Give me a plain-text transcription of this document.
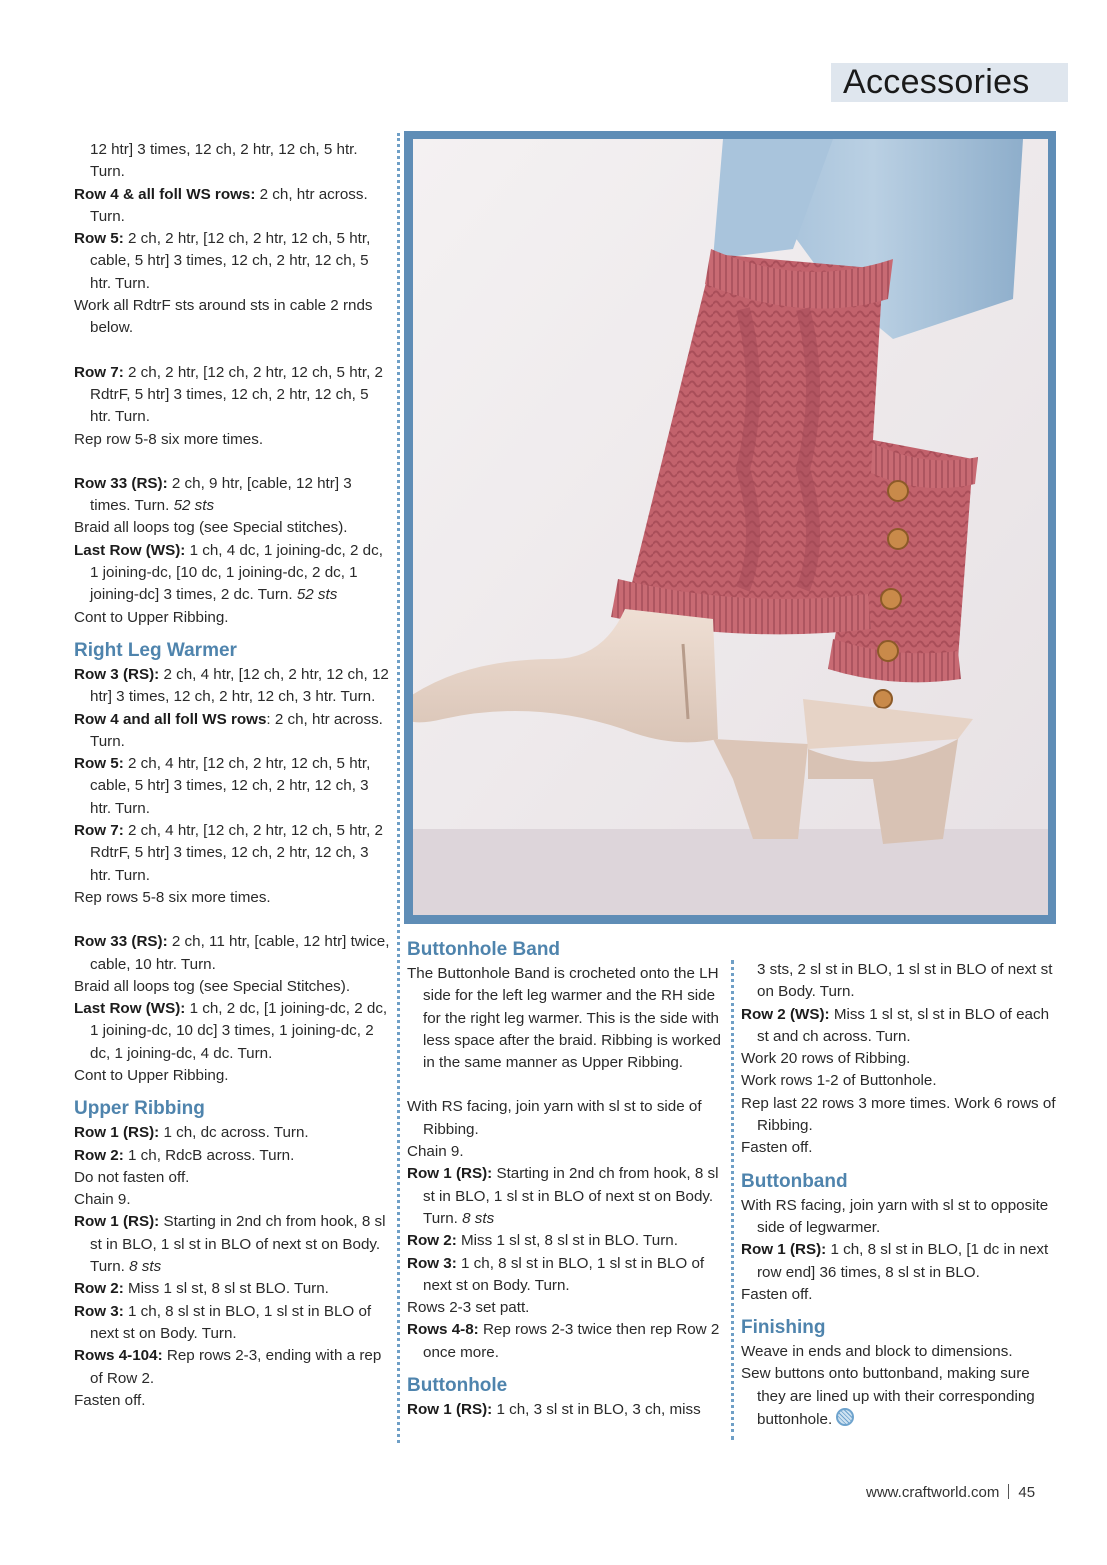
Accessories

12 htr] 3 times, 12 ch, 2 htr, 12 ch, 5 htr. Turn.

Row 4 & all foll WS rows: 2 ch, htr across. Turn.

Row 5: 2 ch, 2 htr, [12 ch, 2 htr, 12 ch, 5 htr, cable, 5 htr] 3 times, 12 ch, 2 htr, 12 ch, 5 htr. Turn.

Work all RdtrF sts around sts in cable 2 rnds below.

Row 7: 2 ch, 2 htr, [12 ch, 2 htr, 12 ch, 5 htr, 2 RdtrF, 5 htr] 3 times, 12 ch, 2 htr, 12 ch, 5 htr. Turn.

Rep row 5-8 six more times.

Row 33 (RS): 2 ch, 9 htr, [cable, 12 htr] 3 times. Turn. 52 sts

Braid all loops tog (see Special stitches).

Last Row (WS): 1 ch, 4 dc, 1 joining-dc, 2 dc, 1 joining-dc, [10 dc, 1 joining-dc, 2 dc, 1 joining-dc] 3 times, 2 dc. Turn. 52 sts

Cont to Upper Ribbing.

Right Leg Warmer

Row 3 (RS): 2 ch, 4 htr, [12 ch, 2 htr, 12 ch, 12 htr] 3 times, 12 ch, 2 htr, 12 ch, 3 htr. Turn.

Row 4 and all foll WS rows: 2 ch, htr across. Turn.

Row 5: 2 ch, 4 htr, [12 ch, 2 htr, 12 ch, 5 htr, cable, 5 htr] 3 times, 12 ch, 2 htr, 12 ch, 3 htr. Turn.

Row 7: 2 ch, 4 htr, [12 ch, 2 htr, 12 ch, 5 htr, 2 RdtrF, 5 htr] 3 times, 12 ch, 2 htr, 12 ch, 3 htr. Turn.

Rep rows 5-8 six more times.

Row 33 (RS): 2 ch, 11 htr, [cable, 12 htr] twice, cable, 10 htr. Turn.

Braid all loops tog (see Special Stitches).

Last Row (WS): 1 ch, 2 dc, [1 joining-dc, 2 dc, 1 joining-dc, 10 dc] 3 times, 1 joining-dc, 2 dc, 1 joining-dc, 4 dc. Turn.

Cont to Upper Ribbing.

Upper Ribbing

Row 1 (RS): 1 ch, dc across. Turn.

Row 2: 1 ch, RdcB across. Turn.

Do not fasten off.

Chain 9.

Row 1 (RS): Starting in 2nd ch from hook, 8 sl st in BLO, 1 sl st in BLO of next st on Body. Turn. 8 sts

Row 2: Miss 1 sl st, 8 sl st BLO. Turn.

Row 3: 1 ch, 8 sl st in BLO, 1 sl st in BLO of next st on Body. Turn.

Rows 4-104: Rep rows 2-3, ending with a rep of Row 2.

Fasten off.

Buttonhole Band

The Buttonhole Band is crocheted onto the LH side for the left leg warmer and the RH side for the right leg warmer. This is the side with less space after the braid. Ribbing is worked in the same manner as Upper Ribbing.

With RS facing, join yarn with sl st to side of Ribbing.

Chain 9.

Row 1 (RS): Starting in 2nd ch from hook, 8 sl st in BLO, 1 sl st in BLO of next st on Body. Turn. 8 sts

Row 2: Miss 1 sl st, 8 sl st in BLO. Turn.

Row 3: 1 ch, 8 sl st in BLO, 1 sl st in BLO of next st on Body. Turn.

Rows 2-3 set patt.

Rows 4-8: Rep rows 2-3 twice then rep Row 2 once more.

Buttonhole

Row 1 (RS): 1 ch, 3 sl st in BLO, 3 ch, miss

3 sts, 2 sl st in BLO, 1 sl st in BLO of next st on Body. Turn.

Row 2 (WS): Miss 1 sl st, sl st in BLO of each st and ch across. Turn.

Work 20 rows of Ribbing.

Work rows 1-2 of Buttonhole.

Rep last 22 rows 3 more times. Work 6 rows of Ribbing.

Fasten off.

Buttonband

With RS facing, join yarn with sl st to opposite side of legwarmer.

Row 1 (RS): 1 ch, 8 sl st in BLO, [1 dc in next row end] 36 times, 8 sl st in BLO.

Fasten off.

Finishing

Weave in ends and block to dimensions.

Sew buttons onto buttonband, making sure they are lined up with their corresponding buttonhole.

www.craftworld.com 45
